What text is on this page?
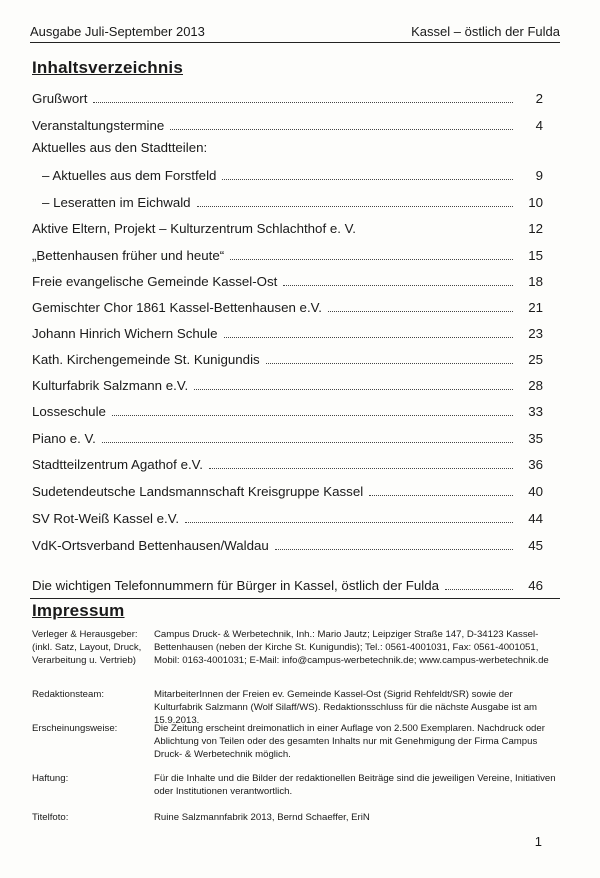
Ausgabe Juli-September 2013	Kassel – östlich der Fulda
Inhaltsverzeichnis
Grußwort	2
Veranstaltungstermine	4
Aktuelles aus den Stadtteilen:
– Aktuelles aus dem Forstfeld	9
– Leseratten im Eichwald	10
Aktive Eltern, Projekt – Kulturzentrum Schlachthof e. V.	12
„Bettenhausen früher und heute“	15
Freie evangelische Gemeinde Kassel-Ost	18
Gemischter Chor 1861 Kassel-Bettenhausen e.V.	21
Johann Hinrich Wichern Schule	23
Kath. Kirchengemeinde St. Kunigundis	25
Kulturfabrik Salzmann e.V.	28
Losseschule	33
Piano e. V.	35
Stadtteilzentrum Agathof e.V.	36
Sudetendeutsche Landsmannschaft Kreisgruppe Kassel	40
SV Rot-Weiß Kassel e.V.	44
VdK-Ortsverband Bettenhausen/Waldau	45
Die wichtigen Telefonnummern für Bürger in Kassel, östlich der Fulda	46
Impressum
Verleger & Herausgeber:
(inkl. Satz, Layout, Druck,
Verarbeitung u. Vertrieb)
Campus Druck- & Werbetechnik, Inh.: Mario Jautz; Leipziger Straße 147, D-34123 Kassel-Bettenhausen (neben der Kirche St. Kunigundis); Tel.: 0561-4001031, Fax: 0561-4001051, Mobil: 0163-4001031; E-Mail: info@campus-werbetechnik.de; www.campus-werbetechnik.de
Redaktionsteam:	MitarbeiterInnen der Freien ev. Gemeinde Kassel-Ost (Sigrid Rehfeldt/SR) sowie der Kulturfabrik Salzmann (Wolf Silaff/WS). Redaktionsschluss für die nächste Ausgabe ist am 15.9.2013.
Erscheinungsweise:	Die Zeitung erscheint dreimonatlich in einer Auflage von 2.500 Exemplaren. Nachdruck oder Ablichtung von Teilen oder des gesamten Inhalts nur mit Genehmigung der Firma Campus Druck- & Werbetechnik möglich.
Haftung:	Für die Inhalte und die Bilder der redaktionellen Beiträge sind die jeweiligen Vereine, Initiativen oder Institutionen verantwortlich.
Titelfoto:	Ruine Salzmannfabrik 2013, Bernd Schaeffer, EriN
1
